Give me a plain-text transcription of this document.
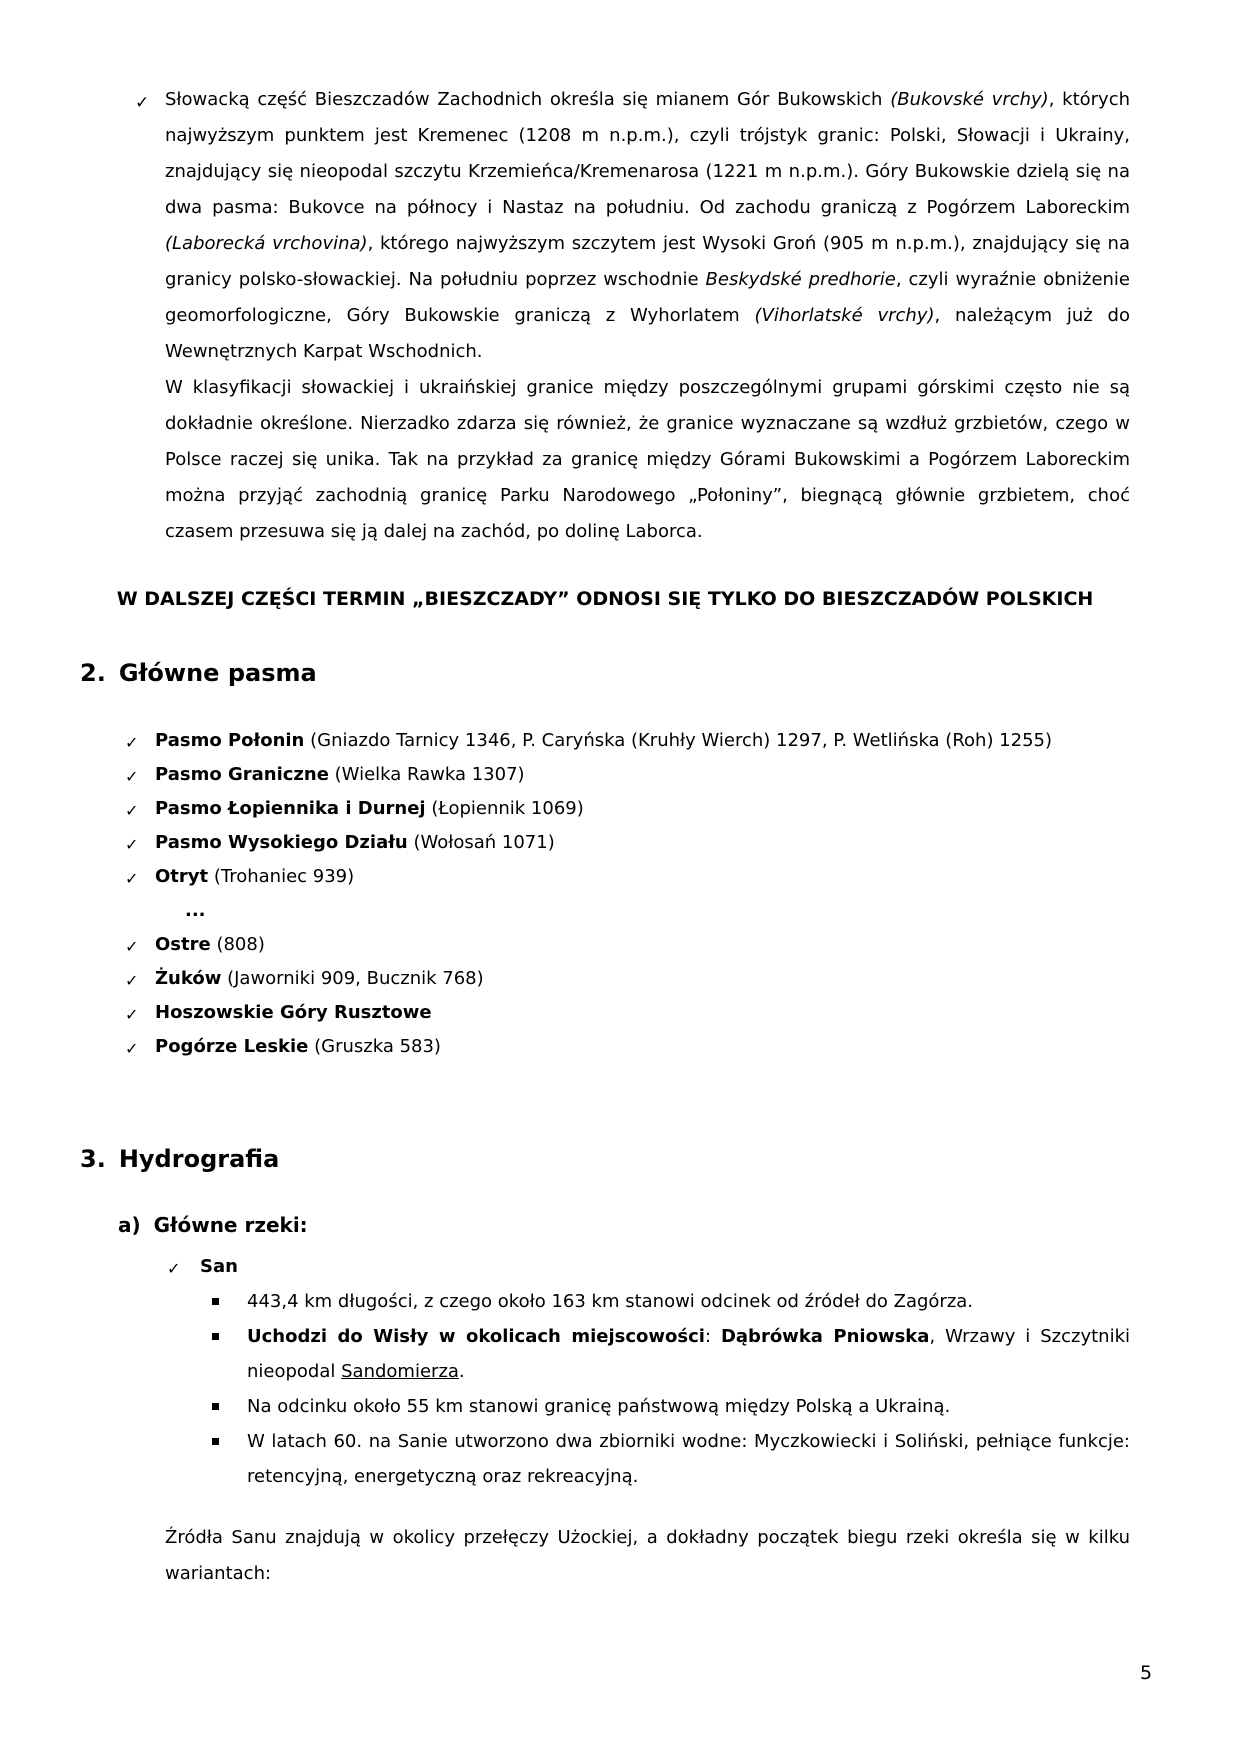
✓ Słowacką część Bieszczadów Zachodnich określa się mianem Gór Bukowskich (Bukovské vrchy), których najwyższym punktem jest Kremenec (1208 m n.p.m.), czyli trójstyk granic: Polski, Słowacji i Ukrainy, znajdujący się nieopodal szczytu Krzemieńca/Kremenarosa (1221 m n.p.m.). Góry Bukowskie dzielą się na dwa pasma: Bukovce na północy i Nastaz na południu. Od zachodu graniczą z Pogórzem Laboreckim (Laborecká vrchovina), którego najwyższym szczytem jest Wysoki Groń (905 m n.p.m.), znajdujący się na granicy polsko-słowackiej. Na południu poprzez wschodnie Beskydské predhorie, czyli wyraźnie obniżenie geomorfologiczne, Góry Bukowskie graniczą z Wyhorlatem (Vihorlatské vrchy), należącym już do Wewnętrznych Karpat Wschodnich.

W klasyfikacji słowackiej i ukraińskiej granice między poszczególnymi grupami górskimi często nie są dokładnie określone. Nierzadko zdarza się również, że granice wyznaczane są wzdłuż grzbietów, czego w Polsce raczej się unika. Tak na przykład za granicę między Górami Bukowskimi a Pogórzem Laboreckim można przyjąć zachodnią granicę Parku Narodowego „Połoniny”, biegnącą głównie grzbietem, choć czasem przesuwa się ją dalej na zachód, po dolinę Laborca.

W DALSZEJ CZĘŚCI TERMIN „BIESZCZADY” ODNOSI SIĘ TYLKO DO BIESZCZADÓW POLSKICH

2. Główne pasma
✓ Pasmo Połonin (Gniazdo Tarnicy 1346, P. Caryńska (Kruhły Wierch) 1297, P. Wetlińska (Roh) 1255)
✓ Pasmo Graniczne (Wielka Rawka 1307)
✓ Pasmo Łopiennika i Durnej (Łopiennik 1069)
✓ Pasmo Wysokiego Działu (Wołosań 1071)
✓ Otryt (Trohaniec 939)
...
✓ Ostre (808)
✓ Żuków (Jaworniki 909, Bucznik 768)
✓ Hoszowskie Góry Rusztowe
✓ Pogórze Leskie (Gruszka 583)
3. Hydrografia
a) Główne rzeki:
✓ San
443,4 km długości, z czego około 163 km stanowi odcinek od źródeł do Zagórza.
Uchodzi do Wisły w okolicach miejscowości: Dąbrówka Pniowska, Wrzawy i Szczytniki nieopodal Sandomierza.
Na odcinku około 55 km stanowi granicę państwową między Polską a Ukrainą.
W latach 60. na Sanie utworzono dwa zbiorniki wodne: Myczkowiecki i Soliński, pełniące funkcje: retencyjną, energetyczną oraz rekreacyjną.

Źródła Sanu znajdują w okolicy przełęczy Użockiej, a dokładny początek biegu rzeki określa się w kilku wariantach:

5
